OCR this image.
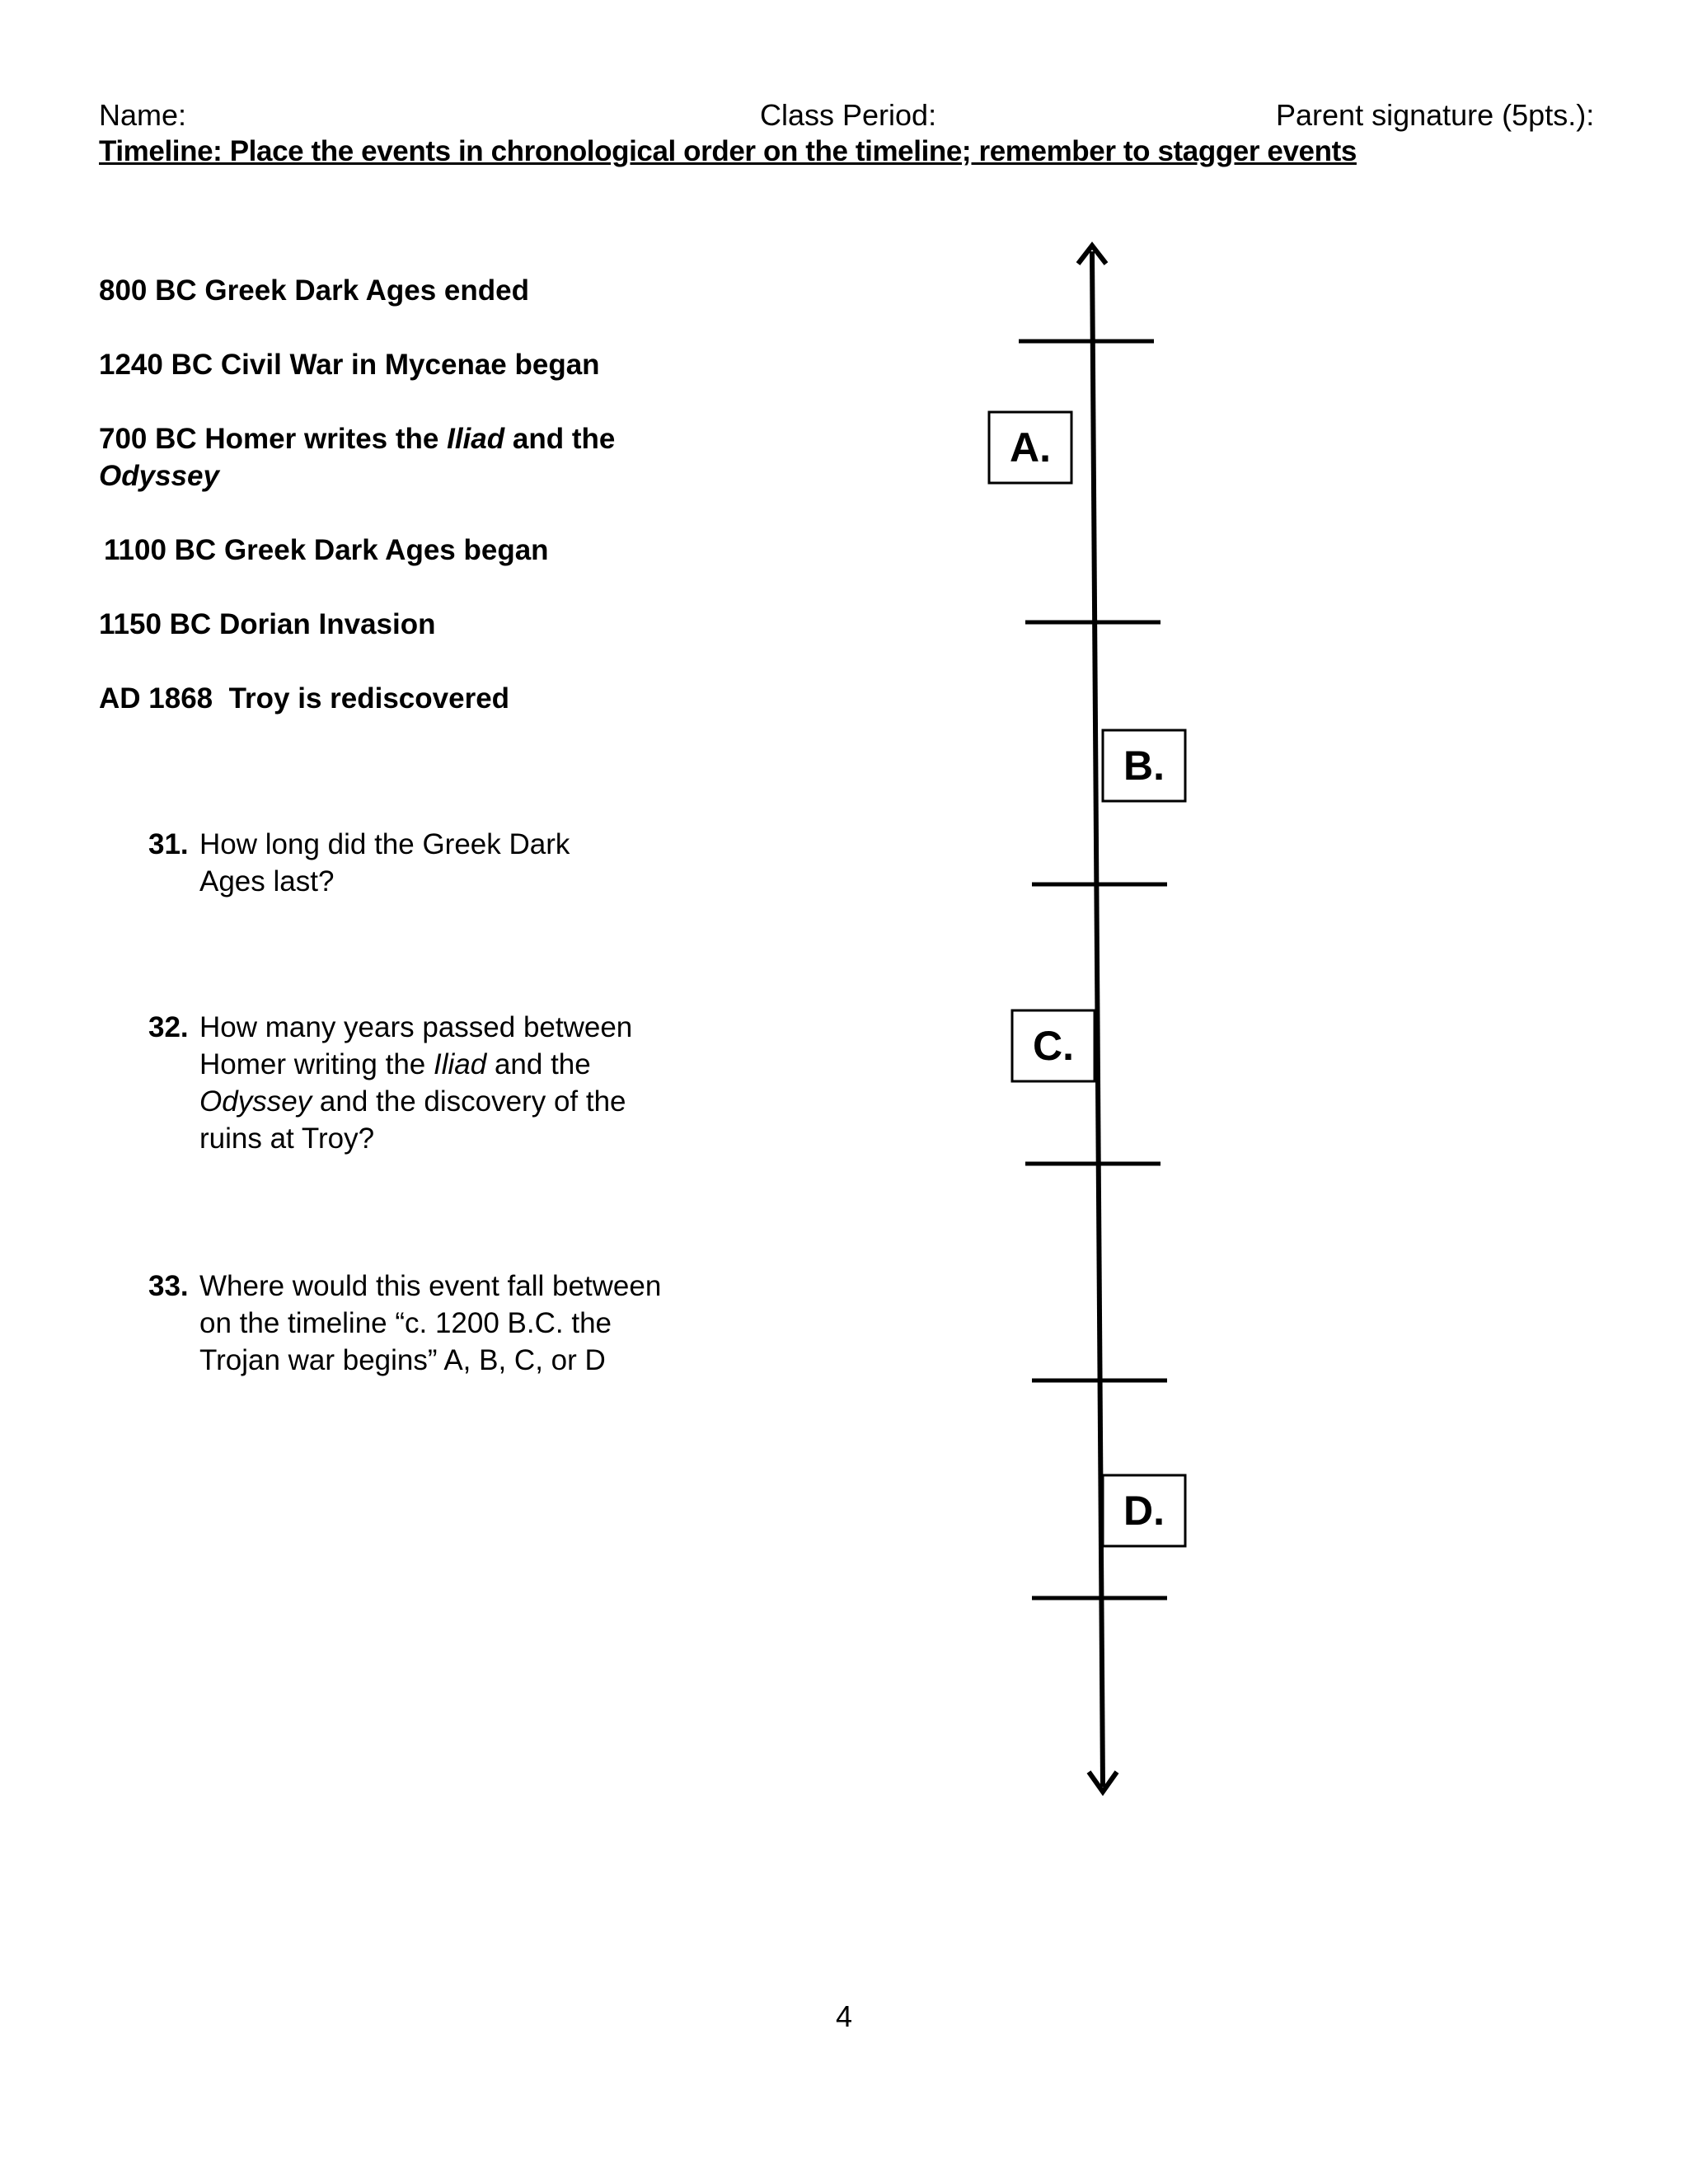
Name:	Class Period:	Parent signature (5pts.):
Timeline: Place the events in chronological order on the timeline; remember to stagger events
800 BC Greek Dark Ages ended
1240 BC Civil War in Mycenae began
700 BC Homer writes the Iliad and the
Odyssey
1100 BC Greek Dark Ages began
1150 BC Dorian Invasion
AD 1868 Troy is rediscovered
31. How long did the Greek Dark Ages last?
32. How many years passed between Homer writing the Iliad and the Odyssey and the discovery of the ruins at Troy?
33. Where would this event fall between on the timeline “c. 1200 B.C. the Trojan war begins” A, B, C, or D
A.
B.
C.
D.
4
